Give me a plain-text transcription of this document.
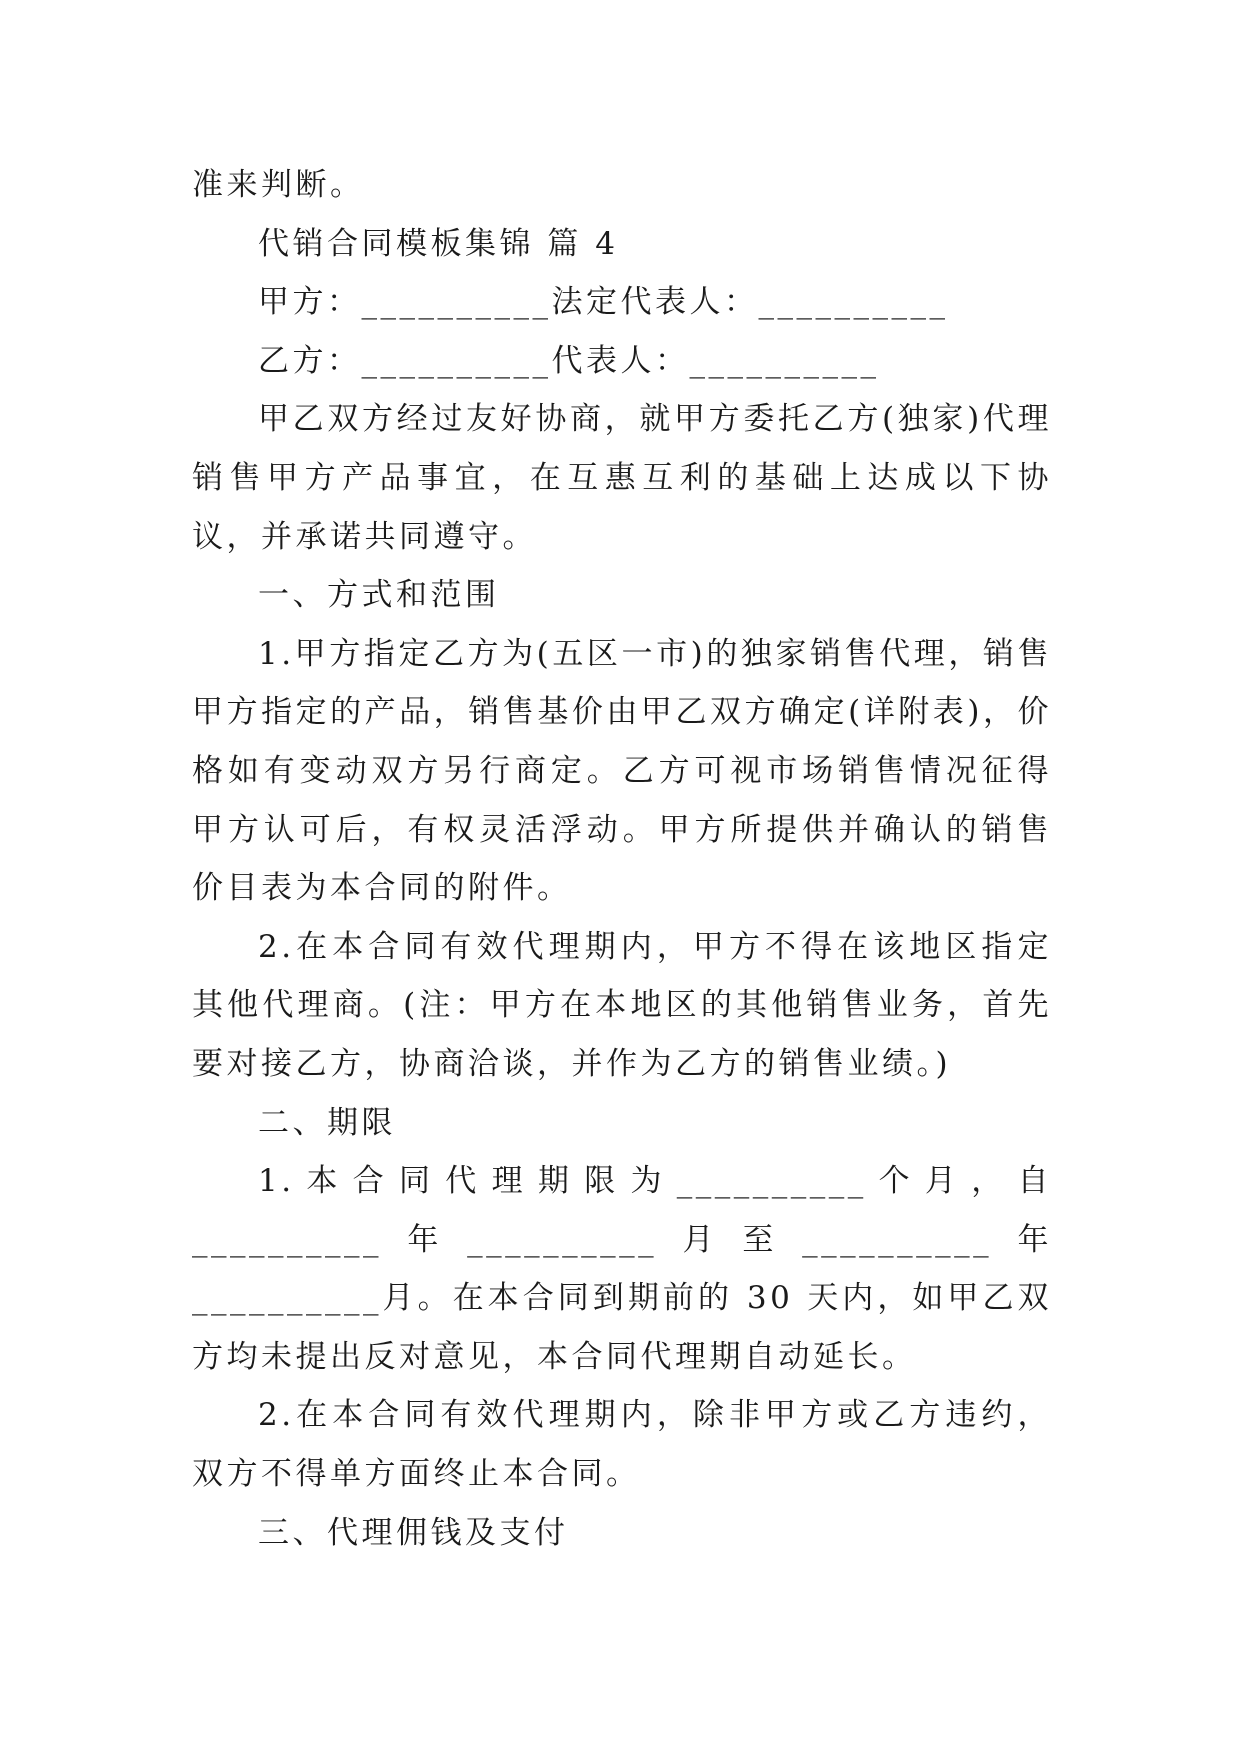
准来判断。

代销合同模板集锦 篇 4

甲方：__________法定代表人：__________

乙方：__________代表人：__________

甲乙双方经过友好协商，就甲方委托乙方(独家)代理销售甲方产品事宜，在互惠互利的基础上达成以下协议，并承诺共同遵守。

一、方式和范围

1.甲方指定乙方为(五区一市)的独家销售代理，销售甲方指定的产品，销售基价由甲乙双方确定(详附表)，价格如有变动双方另行商定。乙方可视市场销售情况征得甲方认可后，有权灵活浮动。甲方所提供并确认的销售价目表为本合同的附件。

2.在本合同有效代理期内，甲方不得在该地区指定其他代理商。(注：甲方在本地区的其他销售业务，首先要对接乙方，协商洽谈，并作为乙方的销售业绩。)

二、期限

1.本合同代理期限为__________个月，自__________年__________月至__________年__________月。在本合同到期前的 30 天内，如甲乙双方均未提出反对意见，本合同代理期自动延长。

2.在本合同有效代理期内，除非甲方或乙方违约，双方不得单方面终止本合同。

三、代理佣钱及支付
